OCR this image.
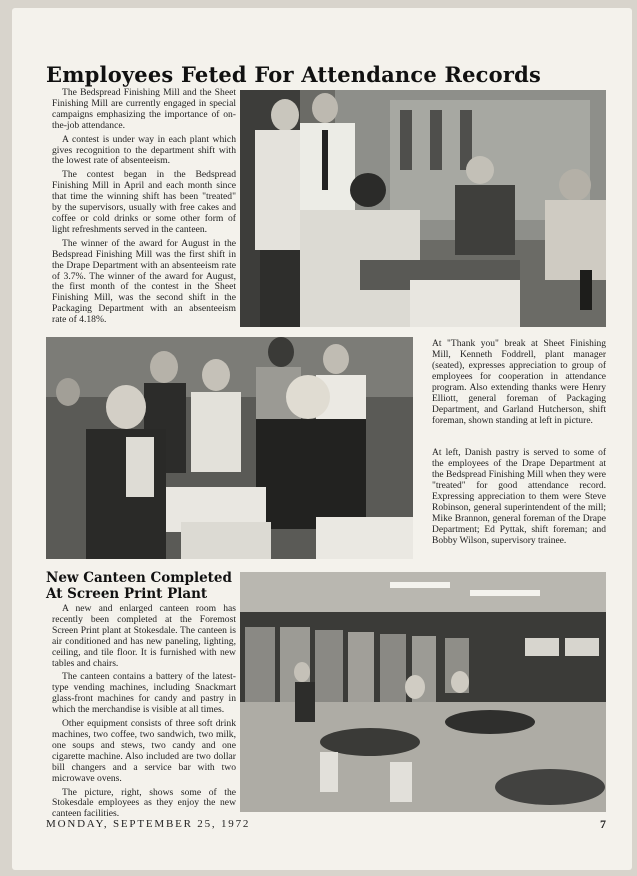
Employees Feted For Attendance Records

The Bedspread Finishing Mill and the Sheet Finishing Mill are currently engaged in special campaigns emphasizing the importance of on-the-job attendance.

A contest is under way in each plant which gives recognition to the department shift with the lowest rate of absenteeism.

The contest began in the Bedspread Finishing Mill in April and each month since that time the winning shift has been "treated" by the supervisors, usually with free cakes and coffee or cold drinks or some other form of light refreshments served in the canteen.

The winner of the award for August in the Bedspread Finishing Mill was the first shift in the Drape Department with an absenteeism rate of 3.7%. The winner of the award for August, the first month of the contest in the Sheet Finishing Mill, was the second shift in the Packaging Department with an absenteeism rate of 4.18%.

At "Thank you" break at Sheet Finishing Mill, Kenneth Foddrell, plant manager (seated), expresses appreciation to group of employees for cooperation in attendance program. Also extending thanks were Henry Elliott, general foreman of Packaging Department, and Garland Hutcherson, shift foreman, shown standing at left in picture.
At left, Danish pastry is served to some of the employees of the Drape Department at the Bedspread Finishing Mill when they were "treated" for good attendance record. Expressing appreciation to them were Steve Robinson, general superintendent of the mill; Mike Brannon, general foreman of the Drape Department; Ed Pyttak, shift foreman; and Bobby Wilson, supervisory trainee.
New Canteen Completed At Screen Print Plant

A new and enlarged canteen room has recently been completed at the Foremost Screen Print plant at Stokesdale. The canteen is air conditioned and has new paneling, lighting, ceiling, and tile floor. It is furnished with new tables and chairs.

The canteen contains a battery of the latest-type vending machines, including Snackmart glass-front machines for candy and pastry in which the merchandise is visible at all times.

Other equipment consists of three soft drink machines, two coffee, two sandwich, two milk, one soups and stews, two candy and one cigarette machine. Also included are two dollar bill changers and a service bar with two microwave ovens.

The picture, right, shows some of the Stokesdale employees as they enjoy the new canteen facilities.

MONDAY, SEPTEMBER 25, 1972	7
